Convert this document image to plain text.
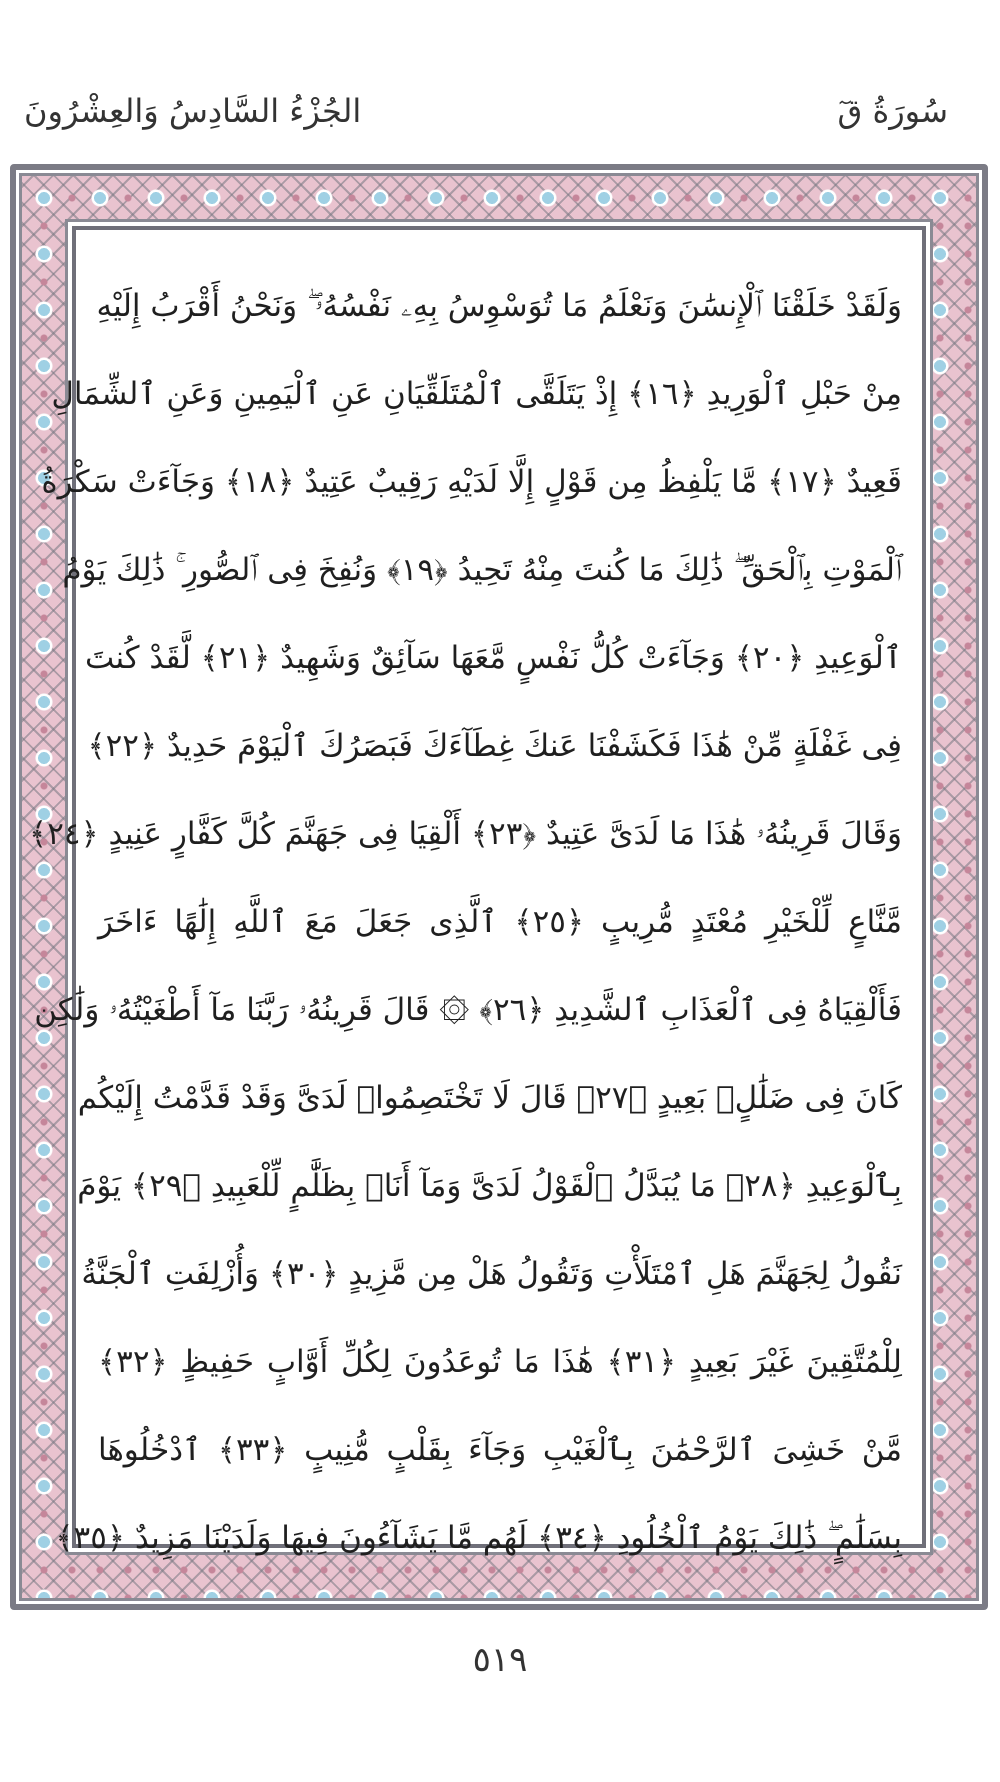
سُورَةُ قٓ
الجُزْءُ السَّادِسُ وَالعِشْرُونَ
وَلَقَدْ خَلَقْنَا ٱلْإِنسَٰنَ وَنَعْلَمُ مَا تُوَسْوِسُ بِهِۦ نَفْسُهُۥ ۖ وَنَحْنُ أَقْرَبُ إِلَيْهِ
مِنْ حَبْلِ ٱلْوَرِيدِ ﴿١٦﴾ إِذْ يَتَلَقَّى ٱلْمُتَلَقِّيَانِ عَنِ ٱلْيَمِينِ وَعَنِ ٱلشِّمَالِ
قَعِيدٌ ﴿١٧﴾ مَّا يَلْفِظُ مِن قَوْلٍ إِلَّا لَدَيْهِ رَقِيبٌ عَتِيدٌ ﴿١٨﴾ وَجَآءَتْ سَكْرَةُ
ٱلْمَوْتِ بِٱلْحَقِّ ۖ ذَٰلِكَ مَا كُنتَ مِنْهُ تَحِيدُ ﴿١٩﴾ وَنُفِخَ فِى ٱلصُّورِ ۚ ذَٰلِكَ يَوْمُ
ٱلْوَعِيدِ ﴿٢٠﴾ وَجَآءَتْ كُلُّ نَفْسٍ مَّعَهَا سَآئِقٌ وَشَهِيدٌ ﴿٢١﴾ لَّقَدْ كُنتَ
فِى غَفْلَةٍ مِّنْ هَٰذَا فَكَشَفْنَا عَنكَ غِطَآءَكَ فَبَصَرُكَ ٱلْيَوْمَ حَدِيدٌ ﴿٢٢﴾
وَقَالَ قَرِينُهُۥ هَٰذَا مَا لَدَىَّ عَتِيدٌ ﴿٢٣﴾ أَلْقِيَا فِى جَهَنَّمَ كُلَّ كَفَّارٍ عَنِيدٍ ﴿٢٤﴾
مَّنَّاعٍ لِّلْخَيْرِ مُعْتَدٍ مُّرِيبٍ ﴿٢٥﴾ ٱلَّذِى جَعَلَ مَعَ ٱللَّهِ إِلَٰهًا ءَاخَرَ
فَأَلْقِيَاهُ فِى ٱلْعَذَابِ ٱلشَّدِيدِ ﴿٢٦﴾ ۞ قَالَ قَرِينُهُۥ رَبَّنَا مَآ أَطْغَيْتُهُۥ وَلَٰكِن
كَانَ فِى ضَلَٰلٍۭ بَعِيدٍ ﴿٢٧﴾ قَالَ لَا تَخْتَصِمُوا۟ لَدَىَّ وَقَدْ قَدَّمْتُ إِلَيْكُم
بِٱلْوَعِيدِ ﴿٢٨﴾ مَا يُبَدَّلُ ٱلْقَوْلُ لَدَىَّ وَمَآ أَنَا۠ بِظَلَّٰمٍ لِّلْعَبِيدِ ﴿٢٩﴾ يَوْمَ
نَقُولُ لِجَهَنَّمَ هَلِ ٱمْتَلَأْتِ وَتَقُولُ هَلْ مِن مَّزِيدٍ ﴿٣٠﴾ وَأُزْلِفَتِ ٱلْجَنَّةُ
لِلْمُتَّقِينَ غَيْرَ بَعِيدٍ ﴿٣١﴾ هَٰذَا مَا تُوعَدُونَ لِكُلِّ أَوَّابٍ حَفِيظٍ ﴿٣٢﴾
مَّنْ خَشِىَ ٱلرَّحْمَٰنَ بِٱلْغَيْبِ وَجَآءَ بِقَلْبٍ مُّنِيبٍ ﴿٣٣﴾ ٱدْخُلُوهَا
بِسَلَٰمٍ ۖ ذَٰلِكَ يَوْمُ ٱلْخُلُودِ ﴿٣٤﴾ لَهُم مَّا يَشَآءُونَ فِيهَا وَلَدَيْنَا مَزِيدٌ ﴿٣٥﴾
٥١٩
